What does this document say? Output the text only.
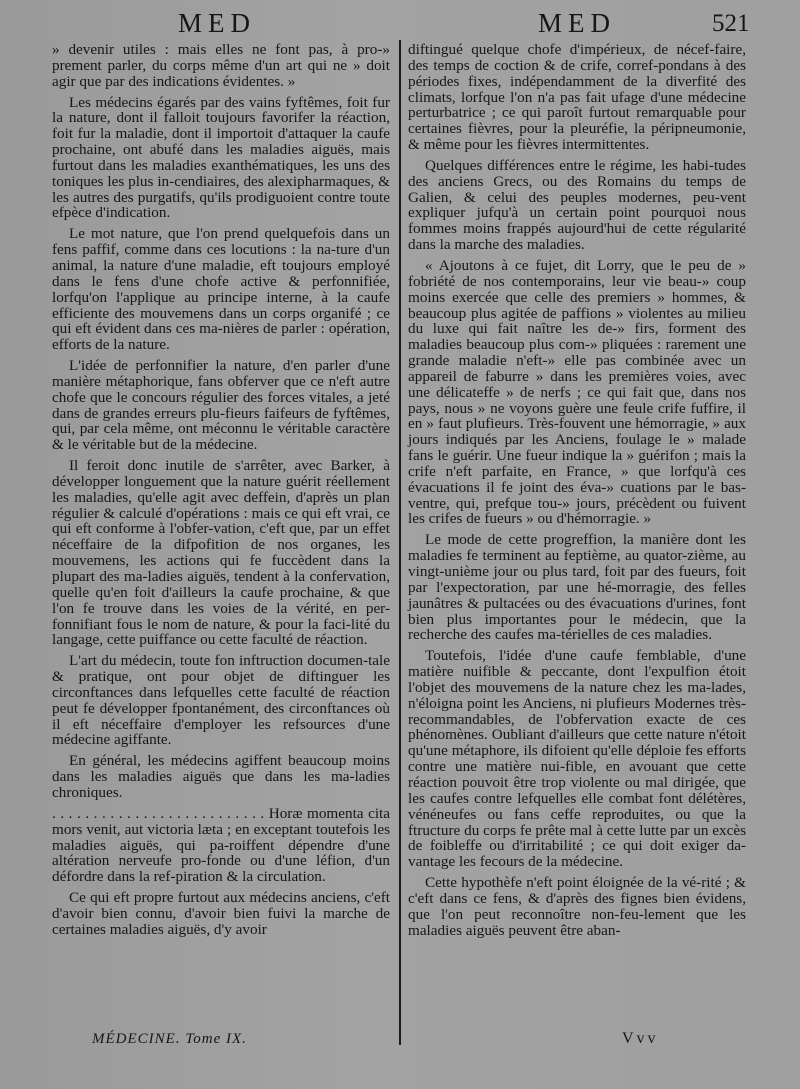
MED	MED	521

» devenir utiles : mais elles ne font pas, à pro-» prement parler, du corps même d'un art qui ne » doit agir que par des indications évidentes. »

Les médecins égarés par des vains fyftêmes, foit fur la nature, dont il falloit toujours favorifer la réaction, foit fur la maladie, dont il importoit d'attaquer la caufe prochaine, ont abufé dans les maladies aiguës, mais furtout dans les maladies exanthématiques, les uns des toniques les plus in-cendiaires, des alexipharmaques, & les autres des purgatifs, qu'ils prodiguoient contre toute efpèce d'indication.

Le mot nature, que l'on prend quelquefois dans un fens paffif, comme dans ces locutions : la na-ture d'un animal, la nature d'une maladie, eft toujours employé dans le fens d'une chofe active & perfonnifiée, lorfqu'on l'applique au principe interne, à la caufe efficiente des mouvemens dans un corps organifé ; ce qui eft évident dans ces ma-nières de parler : opération, efforts de la nature.

L'idée de perfonnifier la nature, d'en parler d'une manière métaphorique, fans obferver que ce n'eft autre chofe que le concours régulier des forces vitales, a jeté dans de grandes erreurs plu-fieurs faifeurs de fyftêmes, qui, par cela même, ont méconnu le véritable caractère & le véritable but de la médecine.

Il feroit donc inutile de s'arrêter, avec Barker, à développer longuement que la nature guérit réellement les maladies, qu'elle agit avec deffein, d'après un plan régulier & calculé d'opérations : mais ce qui eft vrai, ce qui eft conforme à l'obfer-vation, c'eft que, par un effet néceffaire de la difpofition de nos organes, les mouvemens, les actions qui fe fuccèdent dans la plupart des ma-ladies aiguës, tendent à la confervation, quelle qu'en foit d'ailleurs la caufe prochaine, & que l'on fe trouve dans les voies de la vérité, en per-fonnifiant fous le nom de nature, & pour la faci-lité du langage, cette puiffance ou cette faculté de réaction.

L'art du médecin, toute fon inftruction documen-tale & pratique, ont pour objet de diftinguer les circonftances dans lefquelles cette faculté de réaction peut fe développer fpontanément, des circonftances où il eft néceffaire d'employer les refsources d'une médecine agiffante.

En général, les médecins agiffent beaucoup moins dans les maladies aiguës que dans les ma-ladies chroniques.

. . . . . . . . . . . . . . . . . . . . . . . . . . Horæ momenta cita mors venit, aut victoria læta ; en exceptant toutefois les maladies aiguës, qui pa-roiffent dépendre d'une altération nerveufe pro-fonde ou d'une léfion, d'un défordre dans la ref-piration & la circulation.

Ce qui eft propre furtout aux médecins anciens, c'eft d'avoir bien connu, d'avoir bien fuivi la marche de certaines maladies aiguës, d'y avoir

diftingué quelque chofe d'impérieux, de nécef-faire, des temps de coction & de crife, corref-pondans à des périodes fixes, indépendamment de la diverfité des climats, lorfque l'on n'a pas fait ufage d'une médecine perturbatrice ; ce qui paroît furtout remarquable pour certaines fièvres, pour la pleuréfie, la péripneumonie, & même pour les fièvres intermittentes.

Quelques différences entre le régime, les habi-tudes des anciens Grecs, ou des Romains du temps de Galien, & celui des peuples modernes, peu-vent expliquer jufqu'à un certain point pourquoi nous fommes moins frappés aujourd'hui de cette régularité dans la marche des maladies.

« Ajoutons à ce fujet, dit Lorry, que le peu de » fobriété de nos contemporains, leur vie beau-» coup moins exercée que celle des premiers » hommes, & beaucoup plus agitée de paffions » violentes au milieu du luxe qui fait naître les de-» firs, forment des maladies beaucoup plus com-» pliquées : rarement une grande maladie n'eft-» elle pas combinée avec un appareil de faburre » dans les premières voies, avec une délicateffe » de nerfs ; ce qui fait que, dans nos pays, nous » ne voyons guère une feule crife fuffire, il en » faut plufieurs. Très-fouvent une hémorragie, » aux jours indiqués par les Anciens, foulage le » malade fans le guérir. Une fueur indique la » guérifon ; mais la crife n'eft parfaite, en France, » que lorfqu'à ces évacuations il fe joint des éva-» cuations par le bas-ventre, qui, prefque tou-» jours, précèdent ou fuivent les crifes de fueurs » ou d'hémorragie. »

Le mode de cette progreffion, la manière dont les maladies fe terminent au feptième, au quator-zième, au vingt-unième jour ou plus tard, foit par des fueurs, foit par l'expectoration, par une hé-morragie, des felles jaunâtres & pultacées ou des évacuations d'urines, font bien plus importantes pour le médecin, que la recherche des caufes ma-térielles de ces maladies.

Toutefois, l'idée d'une caufe femblable, d'une matière nuifible & peccante, dont l'expulfion étoit l'objet des mouvemens de la nature chez les ma-lades, n'éloigna point les Anciens, ni plufieurs Modernes très-recommandables, de l'obfervation exacte de ces phénomènes. Oubliant d'ailleurs que cette nature n'étoit qu'une métaphore, ils difoient qu'elle déploie fes efforts contre une matière nui-fible, en avouant que cette réaction pouvoit être trop violente ou mal dirigée, que les caufes contre lefquelles elle combat font délétères, vénéneufes ou fans ceffe reproduites, ou que la ftructure du corps fe prête mal à cette lutte par un excès de foibleffe ou d'irritabilité ; ce qui doit exiger da-vantage les fecours de la médecine.

Cette hypothèfe n'eft point éloignée de la vé-rité ; & c'eft dans ce fens, & d'après des fignes bien évidens, que l'on peut reconnoître non-feu-lement que les maladies aiguës peuvent être aban-

MÉDECINE. Tome IX.	Vvv
